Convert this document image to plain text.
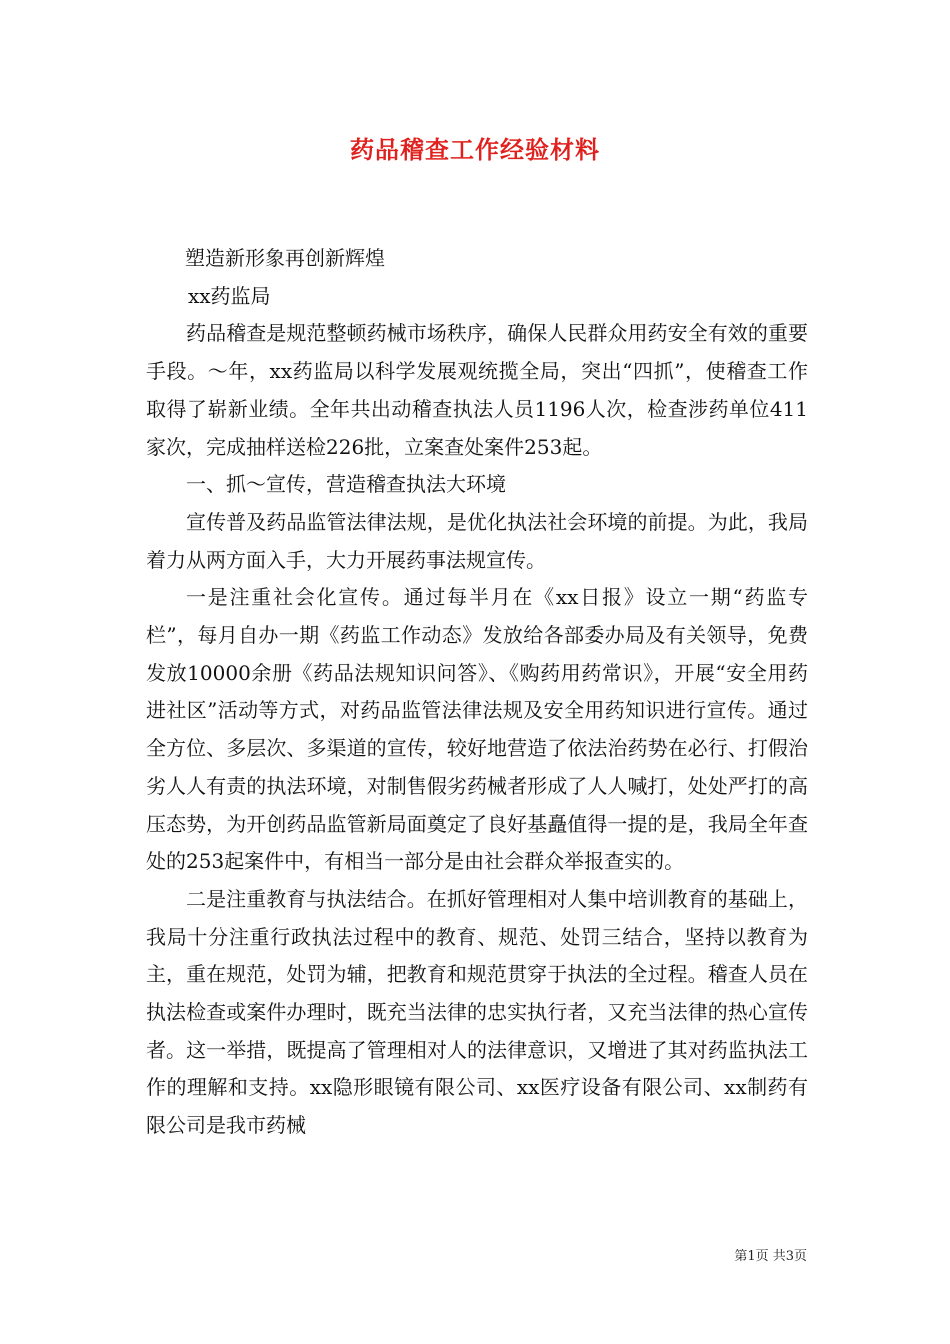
药品稽查工作经验材料

塑造新形象再创新辉煌

xx药监局

药品稽查是规范整顿药械市场秩序，确保人民群众用药安全有效的重要手段。～年，xx药监局以科学发展观统揽全局，突出“四抓”，使稽查工作取得了崭新业绩。全年共出动稽查执法人员1196人次，检查涉药单位411家次，完成抽样送检226批，立案查处案件253起。

一、抓～宣传，营造稽查执法大环境

宣传普及药品监管法律法规，是优化执法社会环境的前提。为此，我局着力从两方面入手，大力开展药事法规宣传。

一是注重社会化宣传。通过每半月在《xx日报》设立一期“药监专栏”，每月自办一期《药监工作动态》发放给各部委办局及有关领导，免费发放10000余册《药品法规知识问答》、《购药用药常识》，开展“安全用药进社区”活动等方式，对药品监管法律法规及安全用药知识进行宣传。通过全方位、多层次、多渠道的宣传，较好地营造了依法治药势在必行、打假治劣人人有责的执法环境，对制售假劣药械者形成了人人喊打，处处严打的高压态势，为开创药品监管新局面奠定了良好基矗值得一提的是，我局全年查处的253起案件中，有相当一部分是由社会群众举报查实的。

二是注重教育与执法结合。在抓好管理相对人集中培训教育的基础上，我局十分注重行政执法过程中的教育、规范、处罚三结合，坚持以教育为主，重在规范，处罚为辅，把教育和规范贯穿于执法的全过程。稽查人员在执法检查或案件办理时，既充当法律的忠实执行者，又充当法律的热心宣传者。这一举措，既提高了管理相对人的法律意识，又增进了其对药监执法工作的理解和支持。xx隐形眼镜有限公司、xx医疗设备有限公司、xx制药有限公司是我市药械

第1页 共3页
